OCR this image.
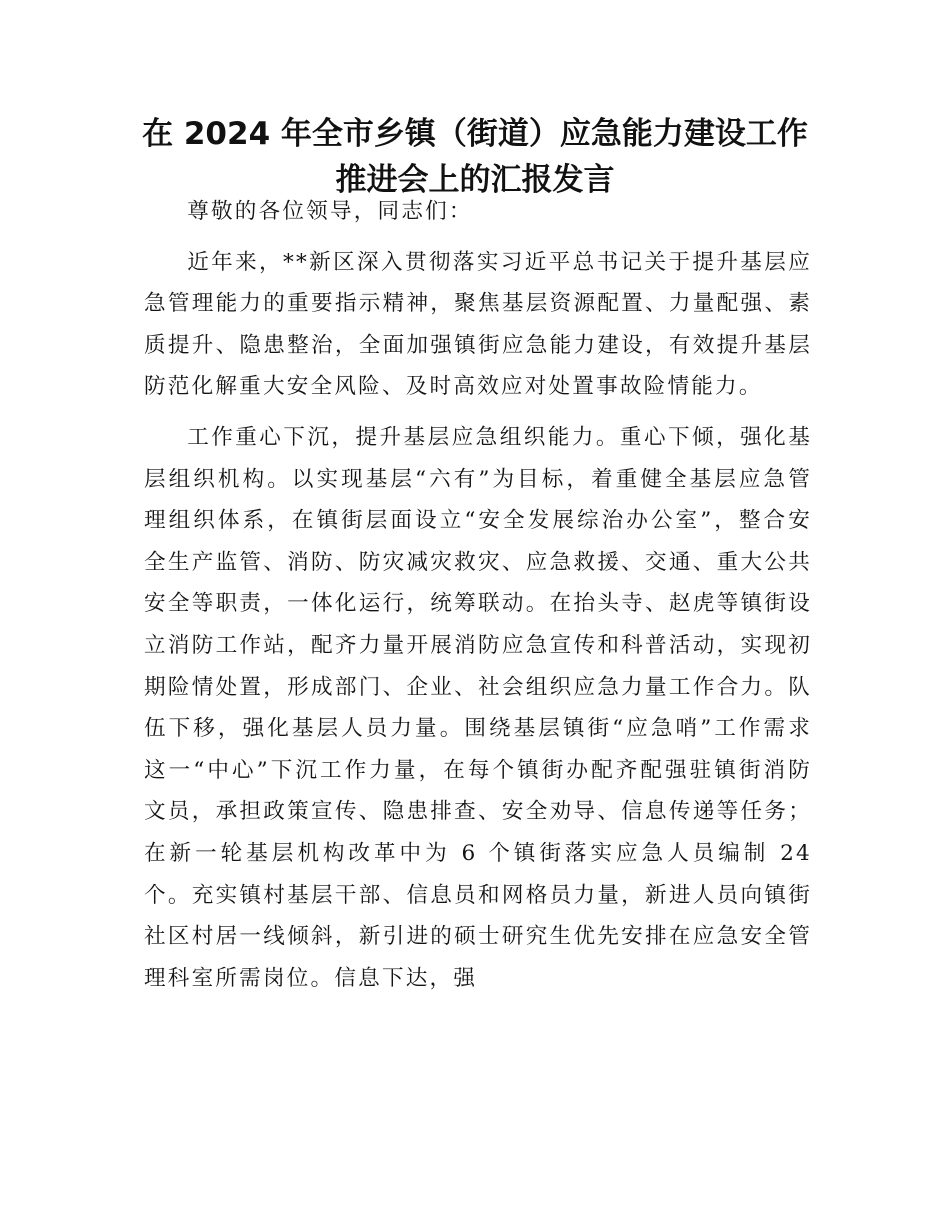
在 2024 年全市乡镇（街道）应急能力建设工作
推进会上的汇报发言

尊敬的各位领导，同志们：

近年来，**新区深入贯彻落实习近平总书记关于提升基层应急管理能力的重要指示精神，聚焦基层资源配置、力量配强、素质提升、隐患整治，全面加强镇街应急能力建设，有效提升基层防范化解重大安全风险、及时高效应对处置事故险情能力。

工作重心下沉，提升基层应急组织能力。重心下倾，强化基层组织机构。以实现基层“六有”为目标，着重健全基层应急管理组织体系，在镇街层面设立“安全发展综治办公室”，整合安全生产监管、消防、防灾减灾救灾、应急救援、交通、重大公共安全等职责，一体化运行，统筹联动。在抬头寺、赵虎等镇街设立消防工作站，配齐力量开展消防应急宣传和科普活动，实现初期险情处置，形成部门、企业、社会组织应急力量工作合力。队伍下移，强化基层人员力量。围绕基层镇街“应急哨”工作需求这一“中心”下沉工作力量，在每个镇街办配齐配强驻镇街消防文员，承担政策宣传、隐患排查、安全劝导、信息传递等任务；在新一轮基层机构改革中为 6 个镇街落实应急人员编制 24 个。充实镇村基层干部、信息员和网格员力量，新进人员向镇街社区村居一线倾斜，新引进的硕士研究生优先安排在应急安全管理科室所需岗位。信息下达，强
